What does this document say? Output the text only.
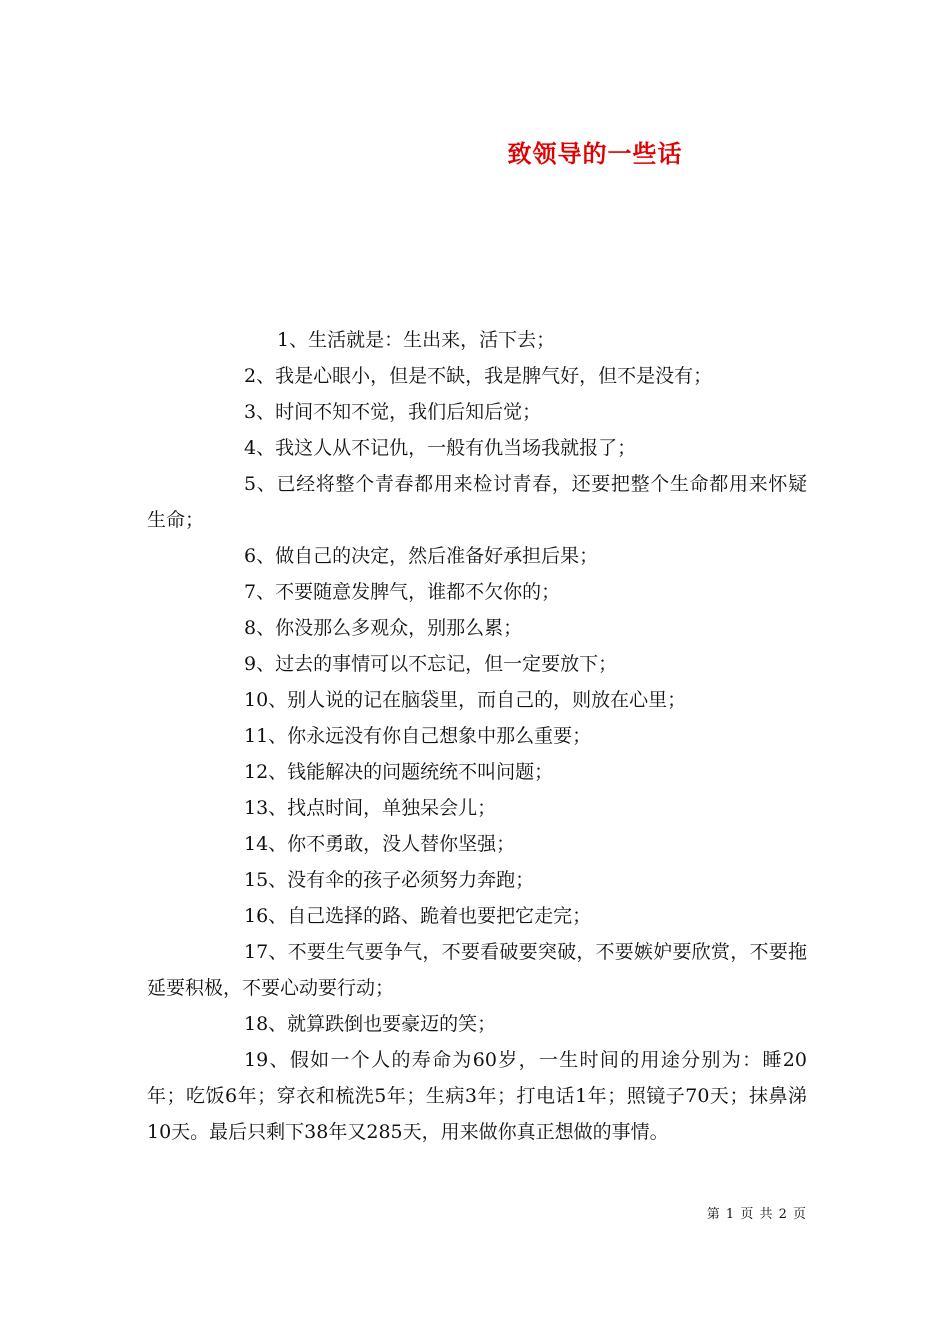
致领导的一些话

1、生活就是：生出来，活下去；

2、我是心眼小，但是不缺，我是脾气好，但不是没有；

3、时间不知不觉，我们后知后觉；

4、我这人从不记仇，一般有仇当场我就报了；

5、已经将整个青春都用来检讨青春，还要把整个生命都用来怀疑生命；

6、做自己的决定，然后准备好承担后果；

7、不要随意发脾气，谁都不欠你的；

8、你没那么多观众，别那么累；

9、过去的事情可以不忘记，但一定要放下；

10、别人说的记在脑袋里，而自己的，则放在心里；

11、你永远没有你自己想象中那么重要；

12、钱能解决的问题统统不叫问题；

13、找点时间，单独呆会儿；

14、你不勇敢，没人替你坚强；

15、没有伞的孩子必须努力奔跑；

16、自己选择的路、跪着也要把它走完；

17、不要生气要争气，不要看破要突破，不要嫉妒要欣赏，不要拖延要积极，不要心动要行动；

18、就算跌倒也要豪迈的笑；

19、假如一个人的寿命为60岁，一生时间的用途分别为：睡20年；吃饭6年；穿衣和梳洗5年；生病3年；打电话1年；照镜子70天；抹鼻涕10天。最后只剩下38年又285天，用来做你真正想做的事情。

第 1 页 共 2 页
